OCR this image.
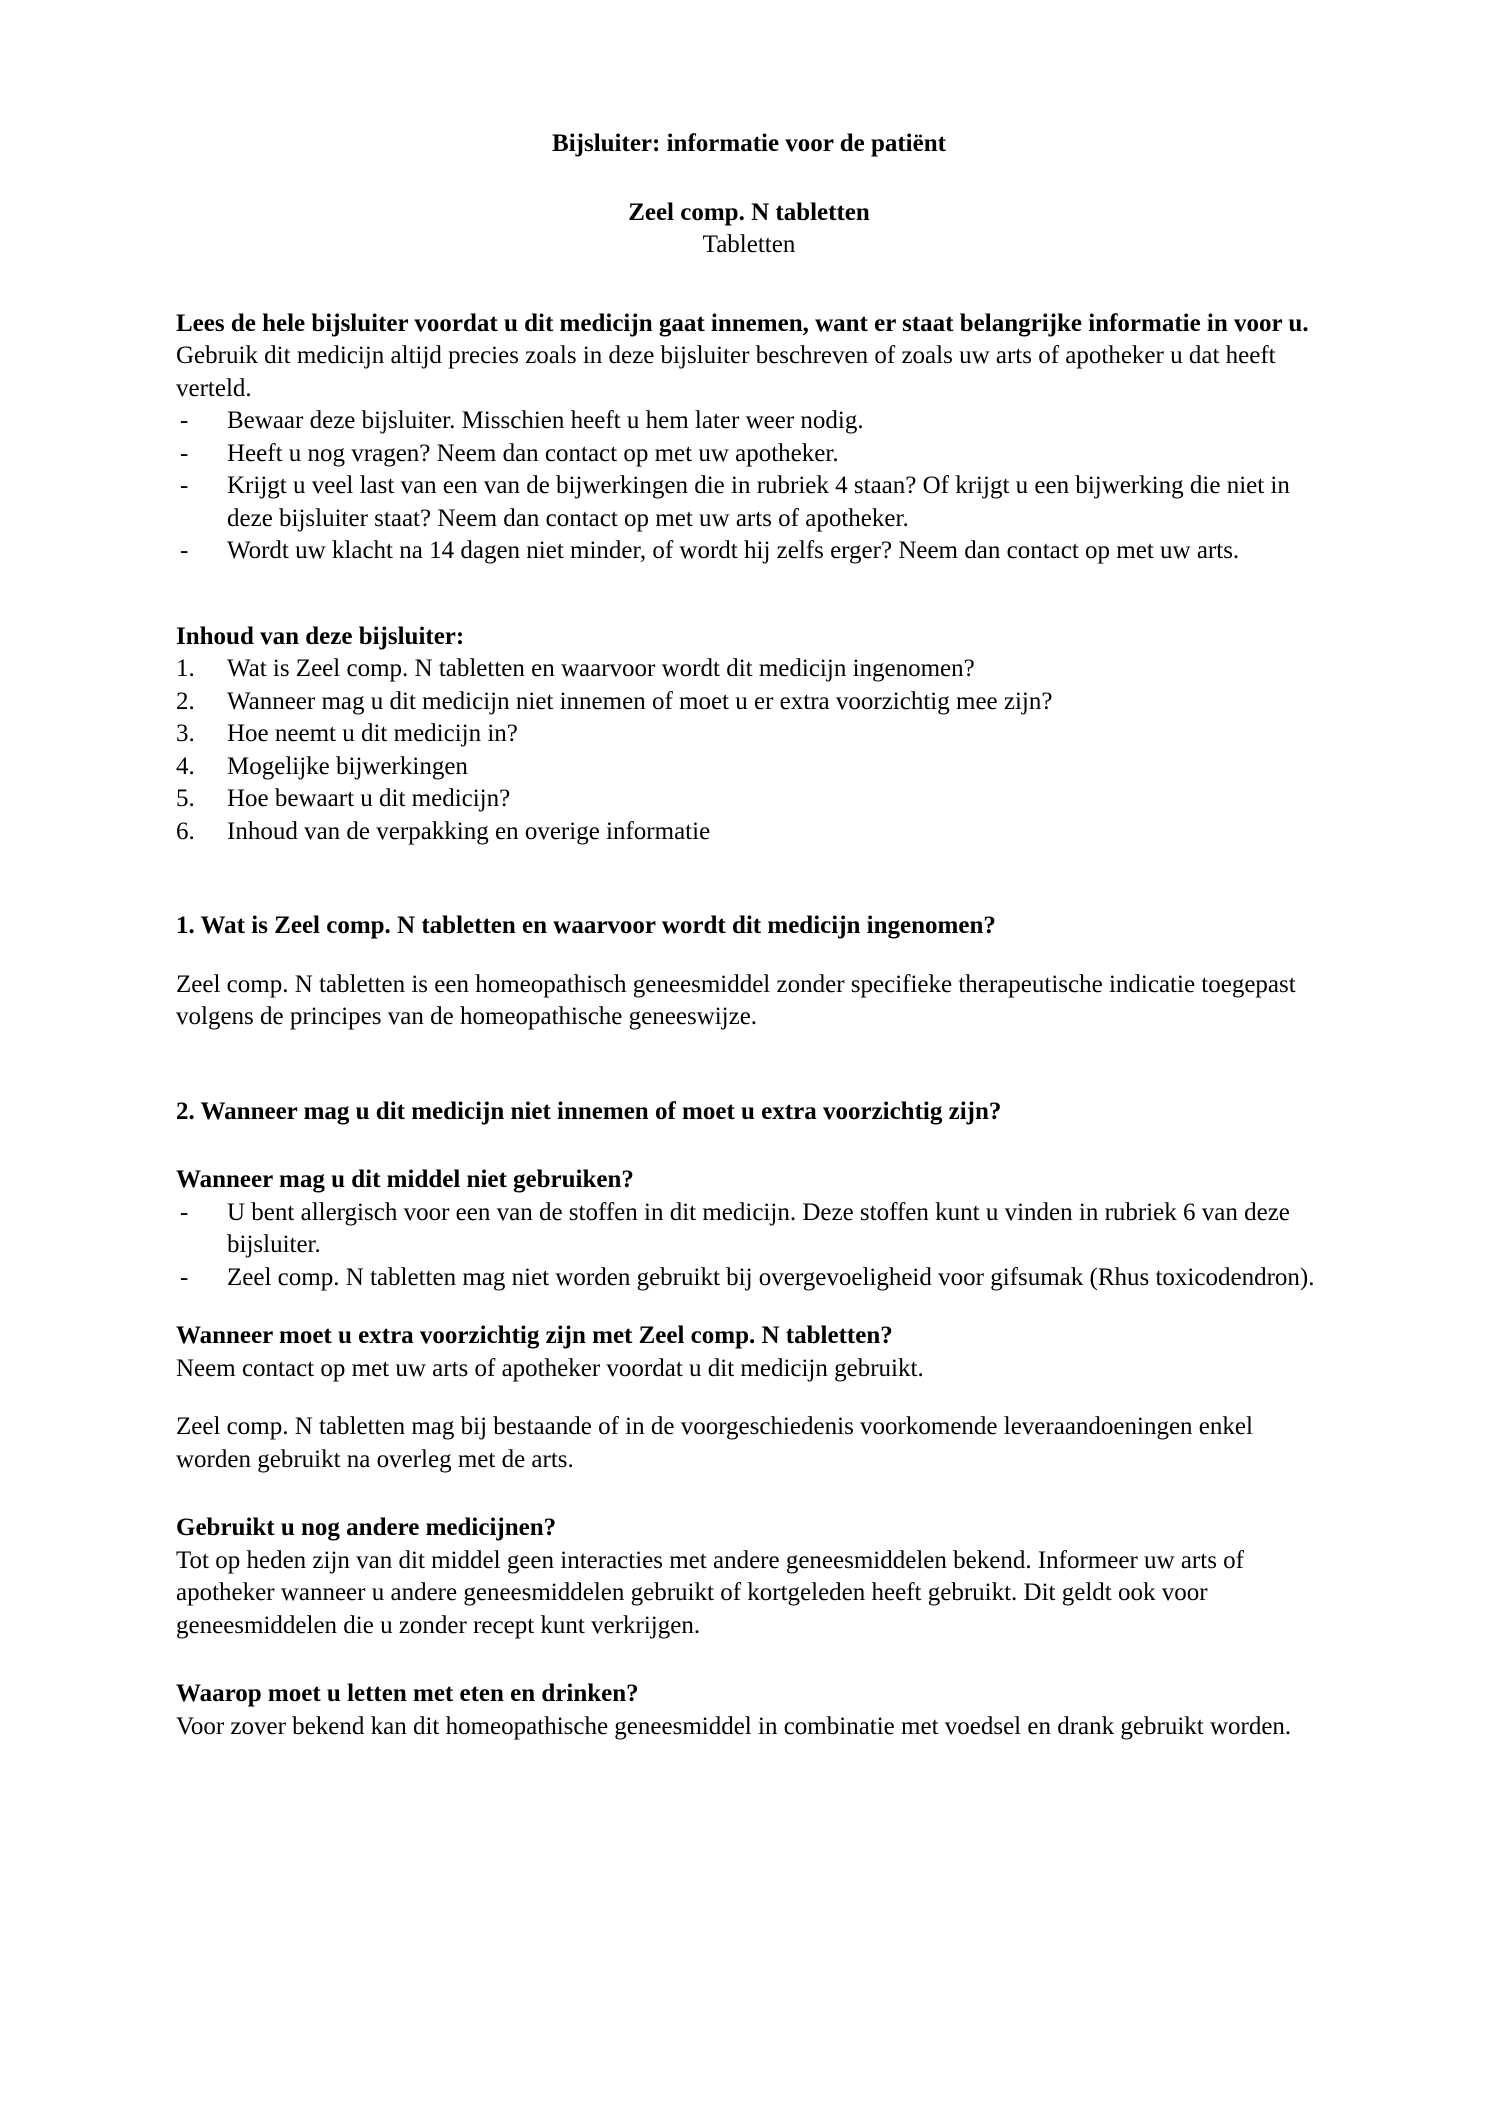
Bijsluiter: informatie voor de patiënt

Zeel comp. N tabletten

Tabletten

Lees de hele bijsluiter voordat u dit medicijn gaat innemen, want er staat belangrijke informatie in voor u.

Gebruik dit medicijn altijd precies zoals in deze bijsluiter beschreven of zoals uw arts of apotheker u dat heeft verteld.

- Bewaar deze bijsluiter. Misschien heeft u hem later weer nodig.
- Heeft u nog vragen? Neem dan contact op met uw apotheker.
- Krijgt u veel last van een van de bijwerkingen die in rubriek 4 staan? Of krijgt u een bijwerking die niet in deze bijsluiter staat? Neem dan contact op met uw arts of apotheker.
- Wordt uw klacht na 14 dagen niet minder, of wordt hij zelfs erger? Neem dan contact op met uw arts.
Inhoud van deze bijsluiter:
1. Wat is Zeel comp. N tabletten en waarvoor wordt dit medicijn ingenomen?
2. Wanneer mag u dit medicijn niet innemen of moet u er extra voorzichtig mee zijn?
3. Hoe neemt u dit medicijn in?
4. Mogelijke bijwerkingen
5. Hoe bewaart u dit medicijn?
6. Inhoud van de verpakking en overige informatie
1. Wat is Zeel comp. N tabletten en waarvoor wordt dit medicijn ingenomen?

Zeel comp. N tabletten is een homeopathisch geneesmiddel zonder specifieke therapeutische indicatie toegepast volgens de principes van de homeopathische geneeswijze.

2. Wanneer mag u dit medicijn niet innemen of moet u extra voorzichtig zijn?
Wanneer mag u dit middel niet gebruiken?
- U bent allergisch voor een van de stoffen in dit medicijn. Deze stoffen kunt u vinden in rubriek 6 van deze bijsluiter.
- Zeel comp. N tabletten mag niet worden gebruikt bij overgevoeligheid voor gifsumak (Rhus toxicodendron).
Wanneer moet u extra voorzichtig zijn met Zeel comp. N tabletten?

Neem contact op met uw arts of apotheker voordat u dit medicijn gebruikt.

Zeel comp. N tabletten mag bij bestaande of in de voorgeschiedenis voorkomende leveraandoeningen enkel worden gebruikt na overleg met de arts.

Gebruikt u nog andere medicijnen?

Tot op heden zijn van dit middel geen interacties met andere geneesmiddelen bekend. Informeer uw arts of apotheker wanneer u andere geneesmiddelen gebruikt of kortgeleden heeft gebruikt. Dit geldt ook voor geneesmiddelen die u zonder recept kunt verkrijgen.

Waarop moet u letten met eten en drinken?

Voor zover bekend kan dit homeopathische geneesmiddel in combinatie met voedsel en drank gebruikt worden.
